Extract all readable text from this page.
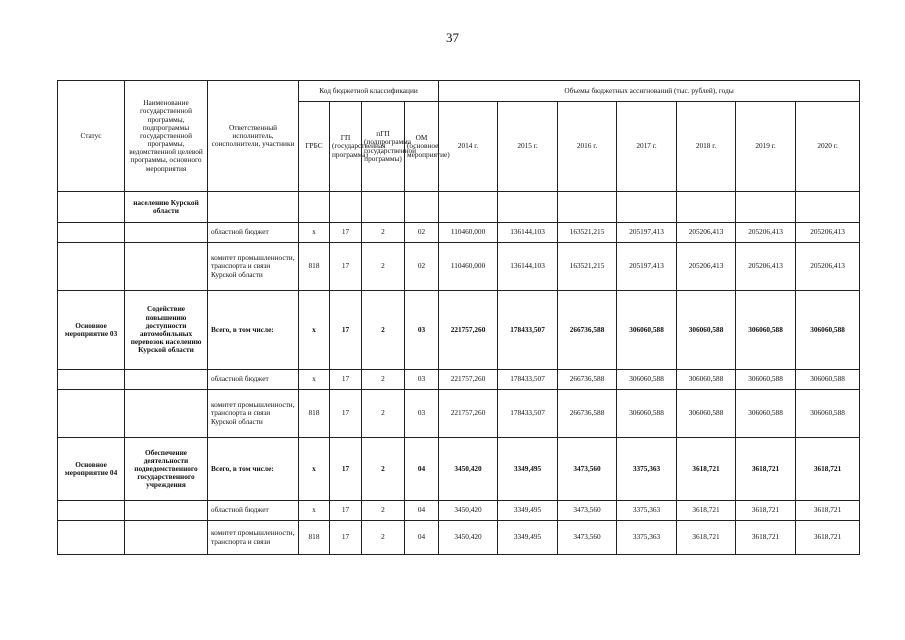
37
Статус	Наименование государственной программы, подпрограммы государственной программы, ведомственной целевой программы, основного мероприятия	Ответственный исполнитель, соисполнители, участники	Код бюджетной классификации				Объемы бюджетных ассигнований (тыс. рублей), годы						
			ГРБС	ГП (государственная программа)	пГП (подпрограмма государственной программы)	ОМ (основное мероприятие)	2014 г.	2015 г.	2016 г.	2017 г.	2018 г.	2019 г.	2020 г.
	населению Курской области												
		областной бюджет	x	17	2	02	110460,000	136144,103	163521,215	205197,413	205206,413	205206,413	205206,413
		комитет промышленности, транспорта и связи Курской области	818	17	2	02	110460,000	136144,103	163521,215	205197,413	205206,413	205206,413	205206,413
Основное мероприятие 03	Содействие повышению доступности автомобильных перевозок населению Курской области	Всего, в том числе:	x	17	2	03	221757,260	178433,507	266736,588	306060,588	306060,588	306060,588	306060,588
		областной бюджет	x	17	2	03	221757,260	178433,507	266736,588	306060,588	306060,588	306060,588	306060,588
		комитет промышленности, транспорта и связи Курской области	818	17	2	03	221757,260	178433,507	266736,588	306060,588	306060,588	306060,588	306060,588
Основное мероприятие 04	Обеспечение деятельности подведомственного государственного учреждения	Всего, в том числе:	x	17	2	04	3450,420	3349,495	3473,560	3375,363	3618,721	3618,721	3618,721
		областной бюджет	x	17	2	04	3450,420	3349,495	3473,560	3375,363	3618,721	3618,721	3618,721
		комитет промышленности, транспорта и связи	818	17	2	04	3450,420	3349,495	3473,560	3375,363	3618,721	3618,721	3618,721
